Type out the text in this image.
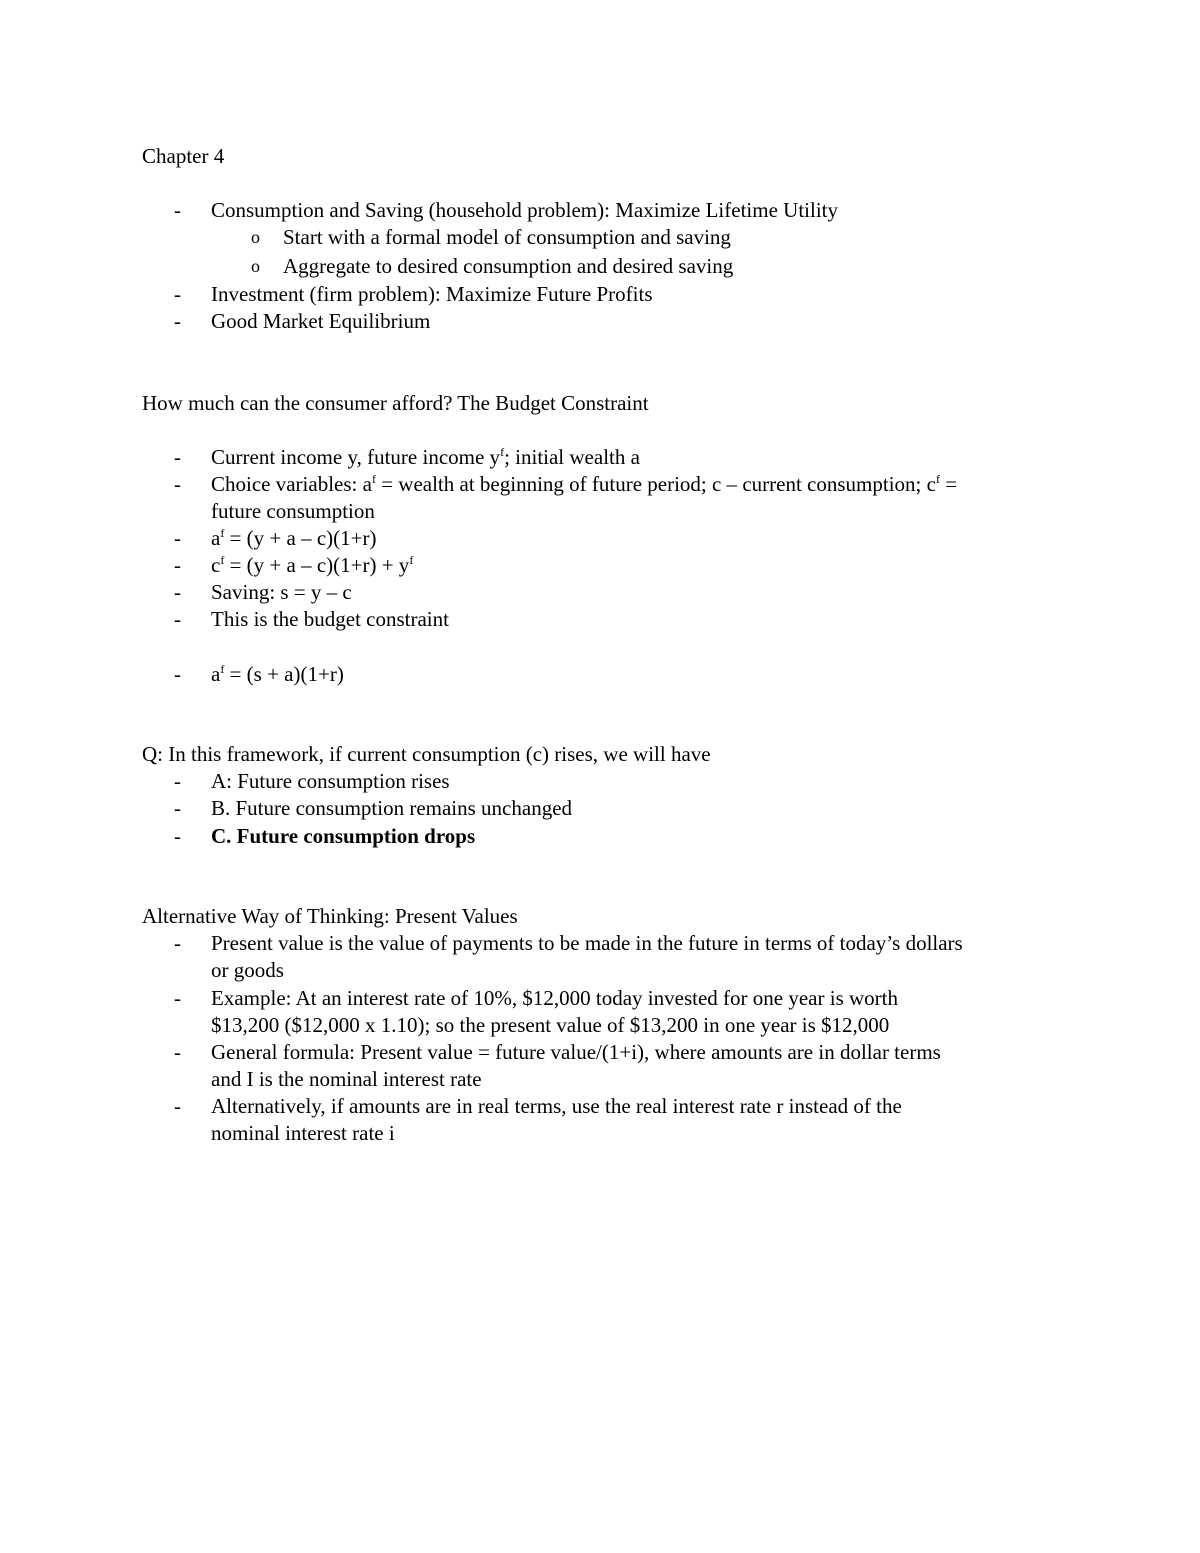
Chapter 4
- Consumption and Saving (household problem): Maximize Lifetime Utility
o Start with a formal model of consumption and saving
o Aggregate to desired consumption and desired saving
- Investment (firm problem): Maximize Future Profits
- Good Market Equilibrium
How much can the consumer afford? The Budget Constraint
- Current income y, future income $y^f$; initial wealth a
- Choice variables: $a^f$ = wealth at beginning of future period; c – current consumption; $c^f$ =
future consumption
- $a^f = (y + a - c)(1+r)$
- $c^f = (y + a - c)(1+r) + y^f$
- Saving: s = y – c
- This is the budget constraint
- $a^f = (s + a)(1+r)$
Q: In this framework, if current consumption (c) rises, we will have
- A: Future consumption rises
- B. Future consumption remains unchanged
- C. Future consumption drops
Alternative Way of Thinking: Present Values
- Present value is the value of payments to be made in the future in terms of today’s dollars
or goods
- Example: At an interest rate of 10%, $12,000 today invested for one year is worth
$13,200 ($12,000 x 1.10); so the present value of $13,200 in one year is $12,000
- General formula: Present value = future value/(1+i), where amounts are in dollar terms
and I is the nominal interest rate
- Alternatively, if amounts are in real terms, use the real interest rate r instead of the
nominal interest rate i
